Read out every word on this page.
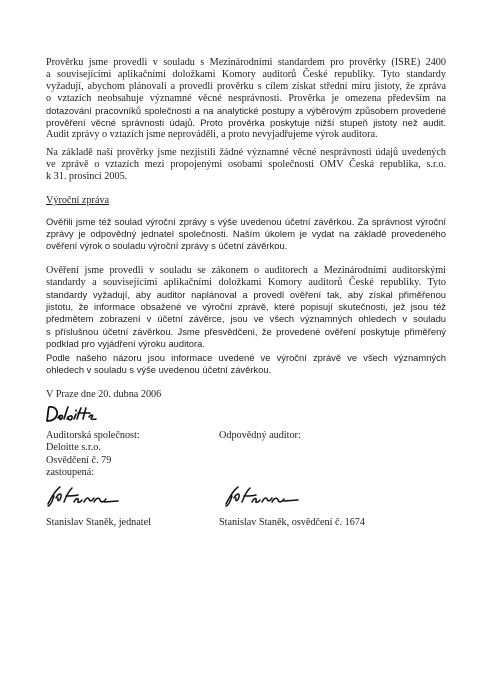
Prověrku jsme provedli v souladu s Mezinárodními standardem pro prověrky (ISRE) 2400
a souvisejícími aplikačními doložkami Komory auditorů České republiky. Tyto standardy
vyžadují, abychom plánovali a provedli prověrku s cílem získat střední míru jistoty, že zpráva
o vztazích neobsahuje významné věcné nesprávnosti. Prověrka je omezena především na
dotazování pracovníků společnosti a na analytické postupy a výběrovým způsobem provedené
prověření věcné správnosti údajů. Proto prověrka poskytuje nižší stupeň jistoty než audit.
Audit zprávy o vztazích jsme neprováděli, a proto nevyjadřujeme výrok auditora.
Na základě naší prověrky jsme nezjistili žádné významné věcné nesprávnosti údajů uvedených
ve zprávě o vztazích mezi propojenými osobami společnosti OMV Česká republika, s.r.o.
k 31. prosinci 2005.
Výroční zpráva
Ověřili jsme též soulad výroční zprávy s výše uvedenou účetní závěrkou. Za správnost výroční
zprávy je odpovědný jednatel společnosti. Naším úkolem je vydat na základě provedeného
ověření výrok o souladu výroční zprávy s účetní závěrkou.
Ověření jsme provedli v souladu se zákonem o auditorech a Mezinárodními auditorskými
standardy a souvisejícími aplikačními doložkami Komory auditorů České republiky. Tyto
standardy vyžadují, aby auditor naplánoval a provedl ověření tak, aby získal přiměřenou
jistotu, že informace obsažené ve výroční zprávě, které popisují skutečnosti, jež jsou též
předmětem zobrazení v účetní závěrce, jsou ve všech významných ohledech v souladu
s příslušnou účetní závěrkou. Jsme přesvědčeni, že provedené ověření poskytuje přiměřený
podklad pro vyjádření výroku auditora.
Podle našeho názoru jsou informace uvedené ve výroční zprávě ve všech významných
ohledech v souladu s výše uvedenou účetní závěrkou.
V Praze dne 20. dubna 2006
Auditorská společnost:
Deloitte s.r.o.
Osvědčení č. 79
zastoupená:
Odpovědný auditor:
Stanislav Staněk, jednatel	Stanislav Staněk, osvědčení č. 1674
